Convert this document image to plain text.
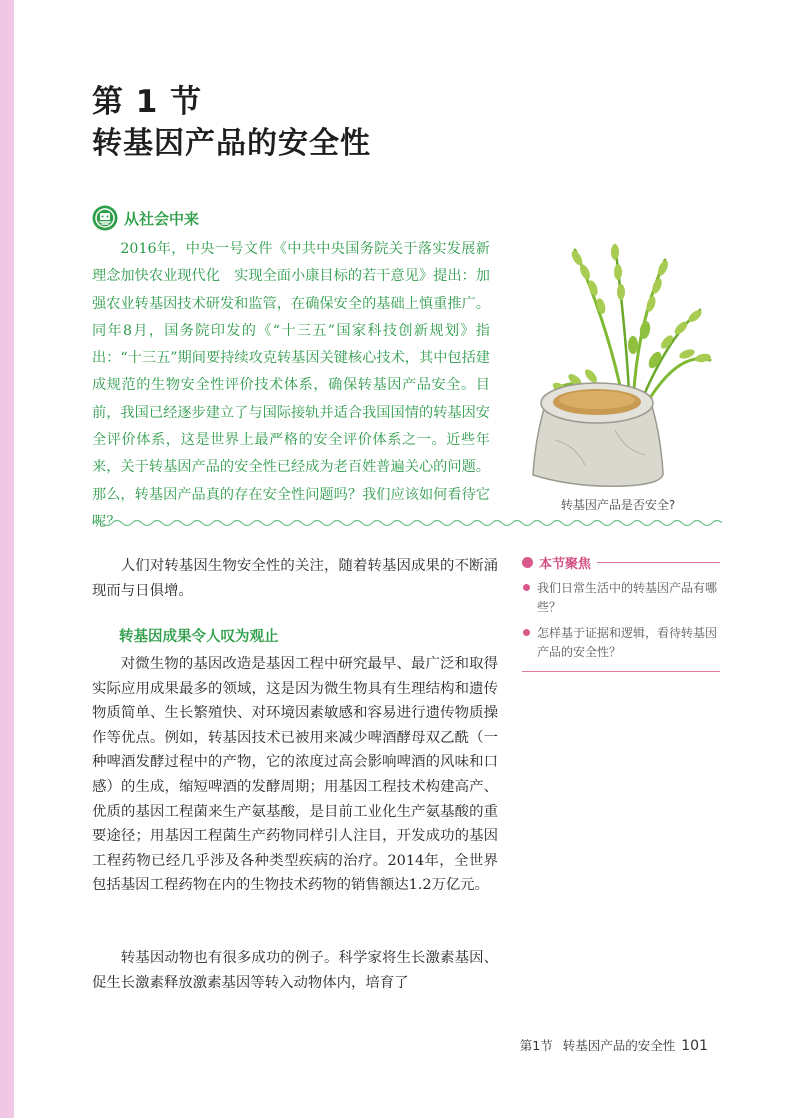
第 1 节
转基因产品的安全性
从社会中来

2016年，中央一号文件《中共中央国务院关于落实发展新理念加快农业现代化　实现全面小康目标的若干意见》提出：加强农业转基因技术研发和监管，在确保安全的基础上慎重推广。同年8月，国务院印发的《“十三五”国家科技创新规划》指出：“十三五”期间要持续攻克转基因关键核心技术，其中包括建成规范的生物安全性评价技术体系，确保转基因产品安全。目前，我国已经逐步建立了与国际接轨并适合我国国情的转基因安全评价体系，这是世界上最严格的安全评价体系之一。近些年来，关于转基因产品的安全性已经成为老百姓普遍关心的问题。那么，转基因产品真的存在安全性问题吗？我们应该如何看待它呢？

转基因产品是否安全?

人们对转基因生物安全性的关注，随着转基因成果的不断涌现而与日俱增。

转基因成果令人叹为观止

对微生物的基因改造是基因工程中研究最早、最广泛和取得实际应用成果最多的领域，这是因为微生物具有生理结构和遗传物质简单、生长繁殖快、对环境因素敏感和容易进行遗传物质操作等优点。例如，转基因技术已被用来减少啤酒酵母双乙酰（一种啤酒发酵过程中的产物，它的浓度过高会影响啤酒的风味和口感）的生成，缩短啤酒的发酵周期；用基因工程技术构建高产、优质的基因工程菌来生产氨基酸，是目前工业化生产氨基酸的重要途径；用基因工程菌生产药物同样引人注目，开发成功的基因工程药物已经几乎涉及各种类型疾病的治疗。2014年，全世界包括基因工程药物在内的生物技术药物的销售额达1.2万亿元。

转基因动物也有很多成功的例子。科学家将生长激素基因、促生长激素释放激素基因等转入动物体内，培育了

本节聚焦
我们日常生活中的转基因产品有哪些？
怎样基于证据和逻辑，看待转基因产品的安全性？
第1节 转基因产品的安全性 101
